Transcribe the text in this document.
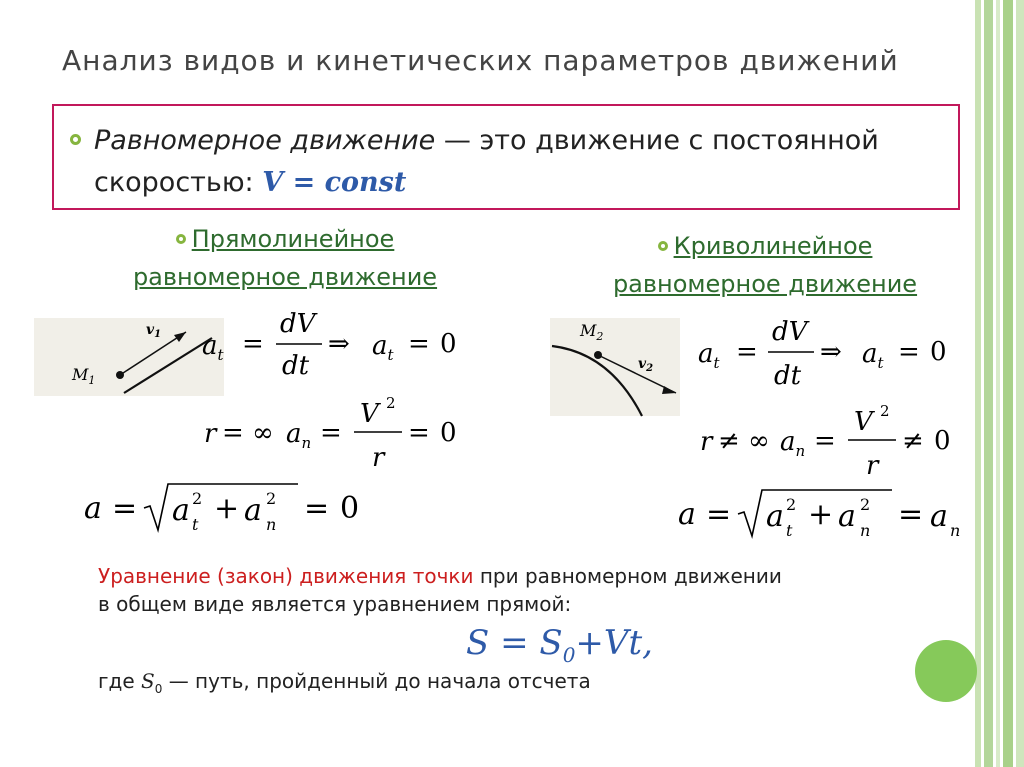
Анализ видов и кинетических параметров движений
Равномерное движение — это движение с постоянной скоростью: V = const
Прямолинейное
равномерное движение
Криволинейное
равномерное движение
$M_1$
$v_1$ $a_t$ =
dV
dt
⇒ $a_t = 0$
r = ∞ $a_n$ =
V 2
r
= 0
a = a 2
t + a 2
n = 0
$M_2$
$v_2$ $a_t$ =
dV
dt
⇒ $a_t = 0$
r ≠ ∞ $a_n$ =
V 2
r
≠ 0
a = a 2
t + a 2
n = a n
Уравнение (закон) движения точки при равномерном движении
в общем виде является уравнением прямой:
$S = S_0+Vt$,
где $S_0$ — путь, пройденный до начала отсчета
